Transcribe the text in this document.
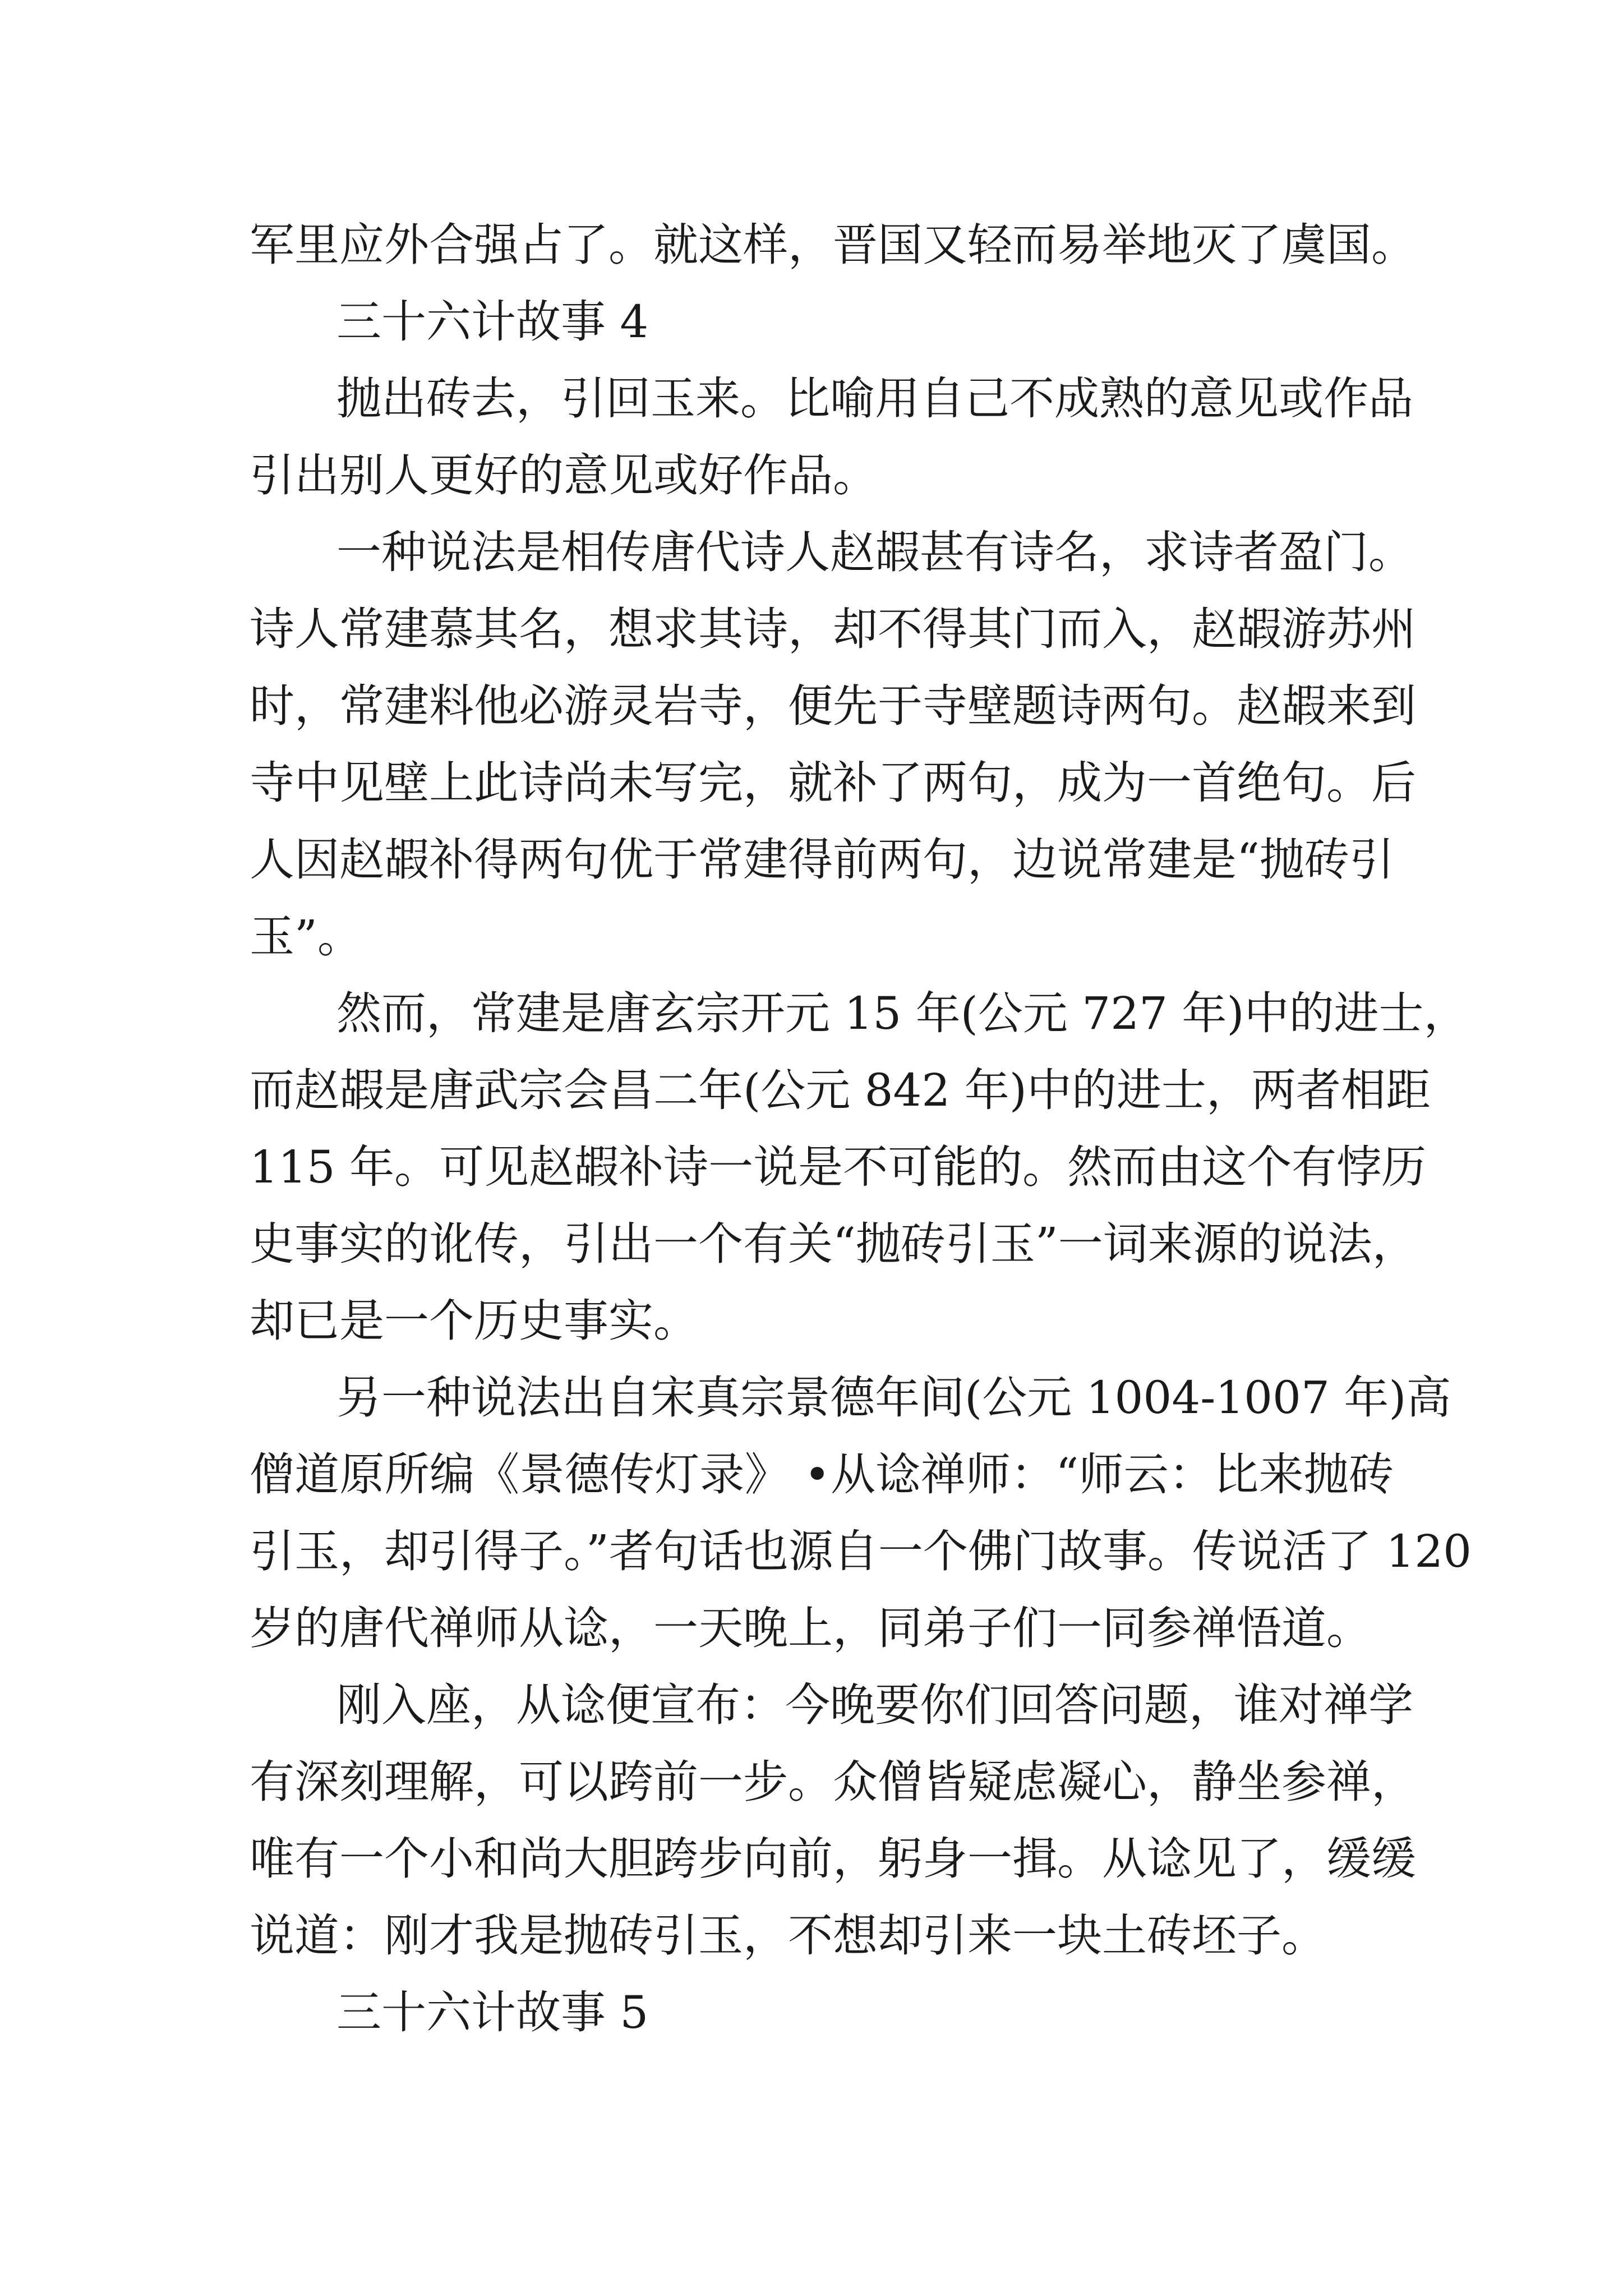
军里应外合强占了。就这样，晋国又轻而易举地灭了虞国。
三十六计故事 4
抛出砖去，引回玉来。比喻用自己不成熟的意见或作品
引出别人更好的意见或好作品。
一种说法是相传唐代诗人赵嘏甚有诗名，求诗者盈门。
诗人常建慕其名，想求其诗，却不得其门而入，赵嘏游苏州
时，常建料他必游灵岩寺，便先于寺壁题诗两句。赵嘏来到
寺中见壁上此诗尚未写完，就补了两句，成为一首绝句。后
人因赵嘏补得两句优于常建得前两句，边说常建是“抛砖引
玉”。
然而，常建是唐玄宗开元 15 年(公元 727 年)中的进士，
而赵嘏是唐武宗会昌二年(公元 842 年)中的进士，两者相距
115 年。可见赵嘏补诗一说是不可能的。然而由这个有悖历
史事实的讹传，引出一个有关“抛砖引玉”一词来源的说法，
却已是一个历史事实。
另一种说法出自宋真宗景德年间(公元 1004-1007 年)高
僧道原所编《景德传灯录》 •从谂禅师：“师云：比来抛砖
引玉，却引得子。”者句话也源自一个佛门故事。传说活了 120
岁的唐代禅师从谂，一天晚上，同弟子们一同参禅悟道。
刚入座，从谂便宣布：今晚要你们回答问题，谁对禅学
有深刻理解，可以跨前一步。众僧皆疑虑凝心，静坐参禅，
唯有一个小和尚大胆跨步向前，躬身一揖。从谂见了，缓缓
说道：刚才我是抛砖引玉，不想却引来一块土砖坯子。
三十六计故事 5
